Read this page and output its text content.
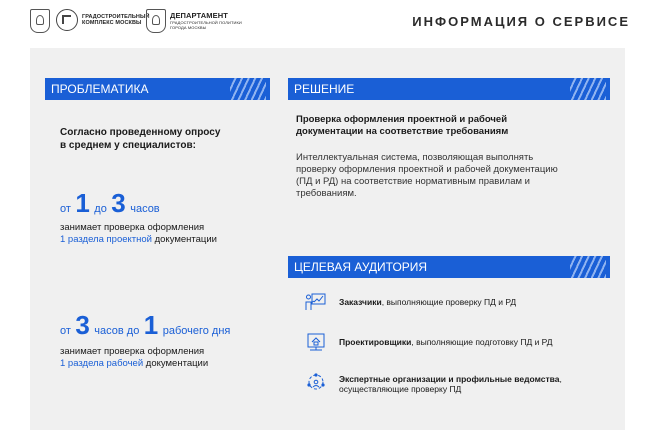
ГРАДОСТРОИТЕЛЬНЫЙ
КОМПЛЕКС МОСКВЫ
ДЕПАРТАМЕНТ
ГРАДОСТРОИТЕЛЬНОЙ ПОЛИТИКИ
ГОРОДА МОСКВЫ	ИНФОРМАЦИЯ О СЕРВИСЕ
ПРОБЛЕМАТИКА
Согласно проведенному опросу
в среднем у специалистов:
от 1 до 3 часов
занимает проверка оформления
1 раздела проектной документации
от 3 часов до 1 рабочего дня
занимает проверка оформления
1 раздела рабочей документации
РЕШЕНИЕ
Проверка оформления проектной и рабочей
документации на соответствие требованиям
Интеллектуальная система, позволяющая выполнять
проверку оформления проектной и рабочей документацию
(ПД и РД) на соответствие нормативным правилам и
требованиям.
ЦЕЛЕВАЯ АУДИТОРИЯ
Заказчики, выполняющие проверку ПД и РД
Проектировщики, выполняющие подготовку ПД и РД
Экспертные организации и профильные ведомства,
осуществляющие проверку ПД
